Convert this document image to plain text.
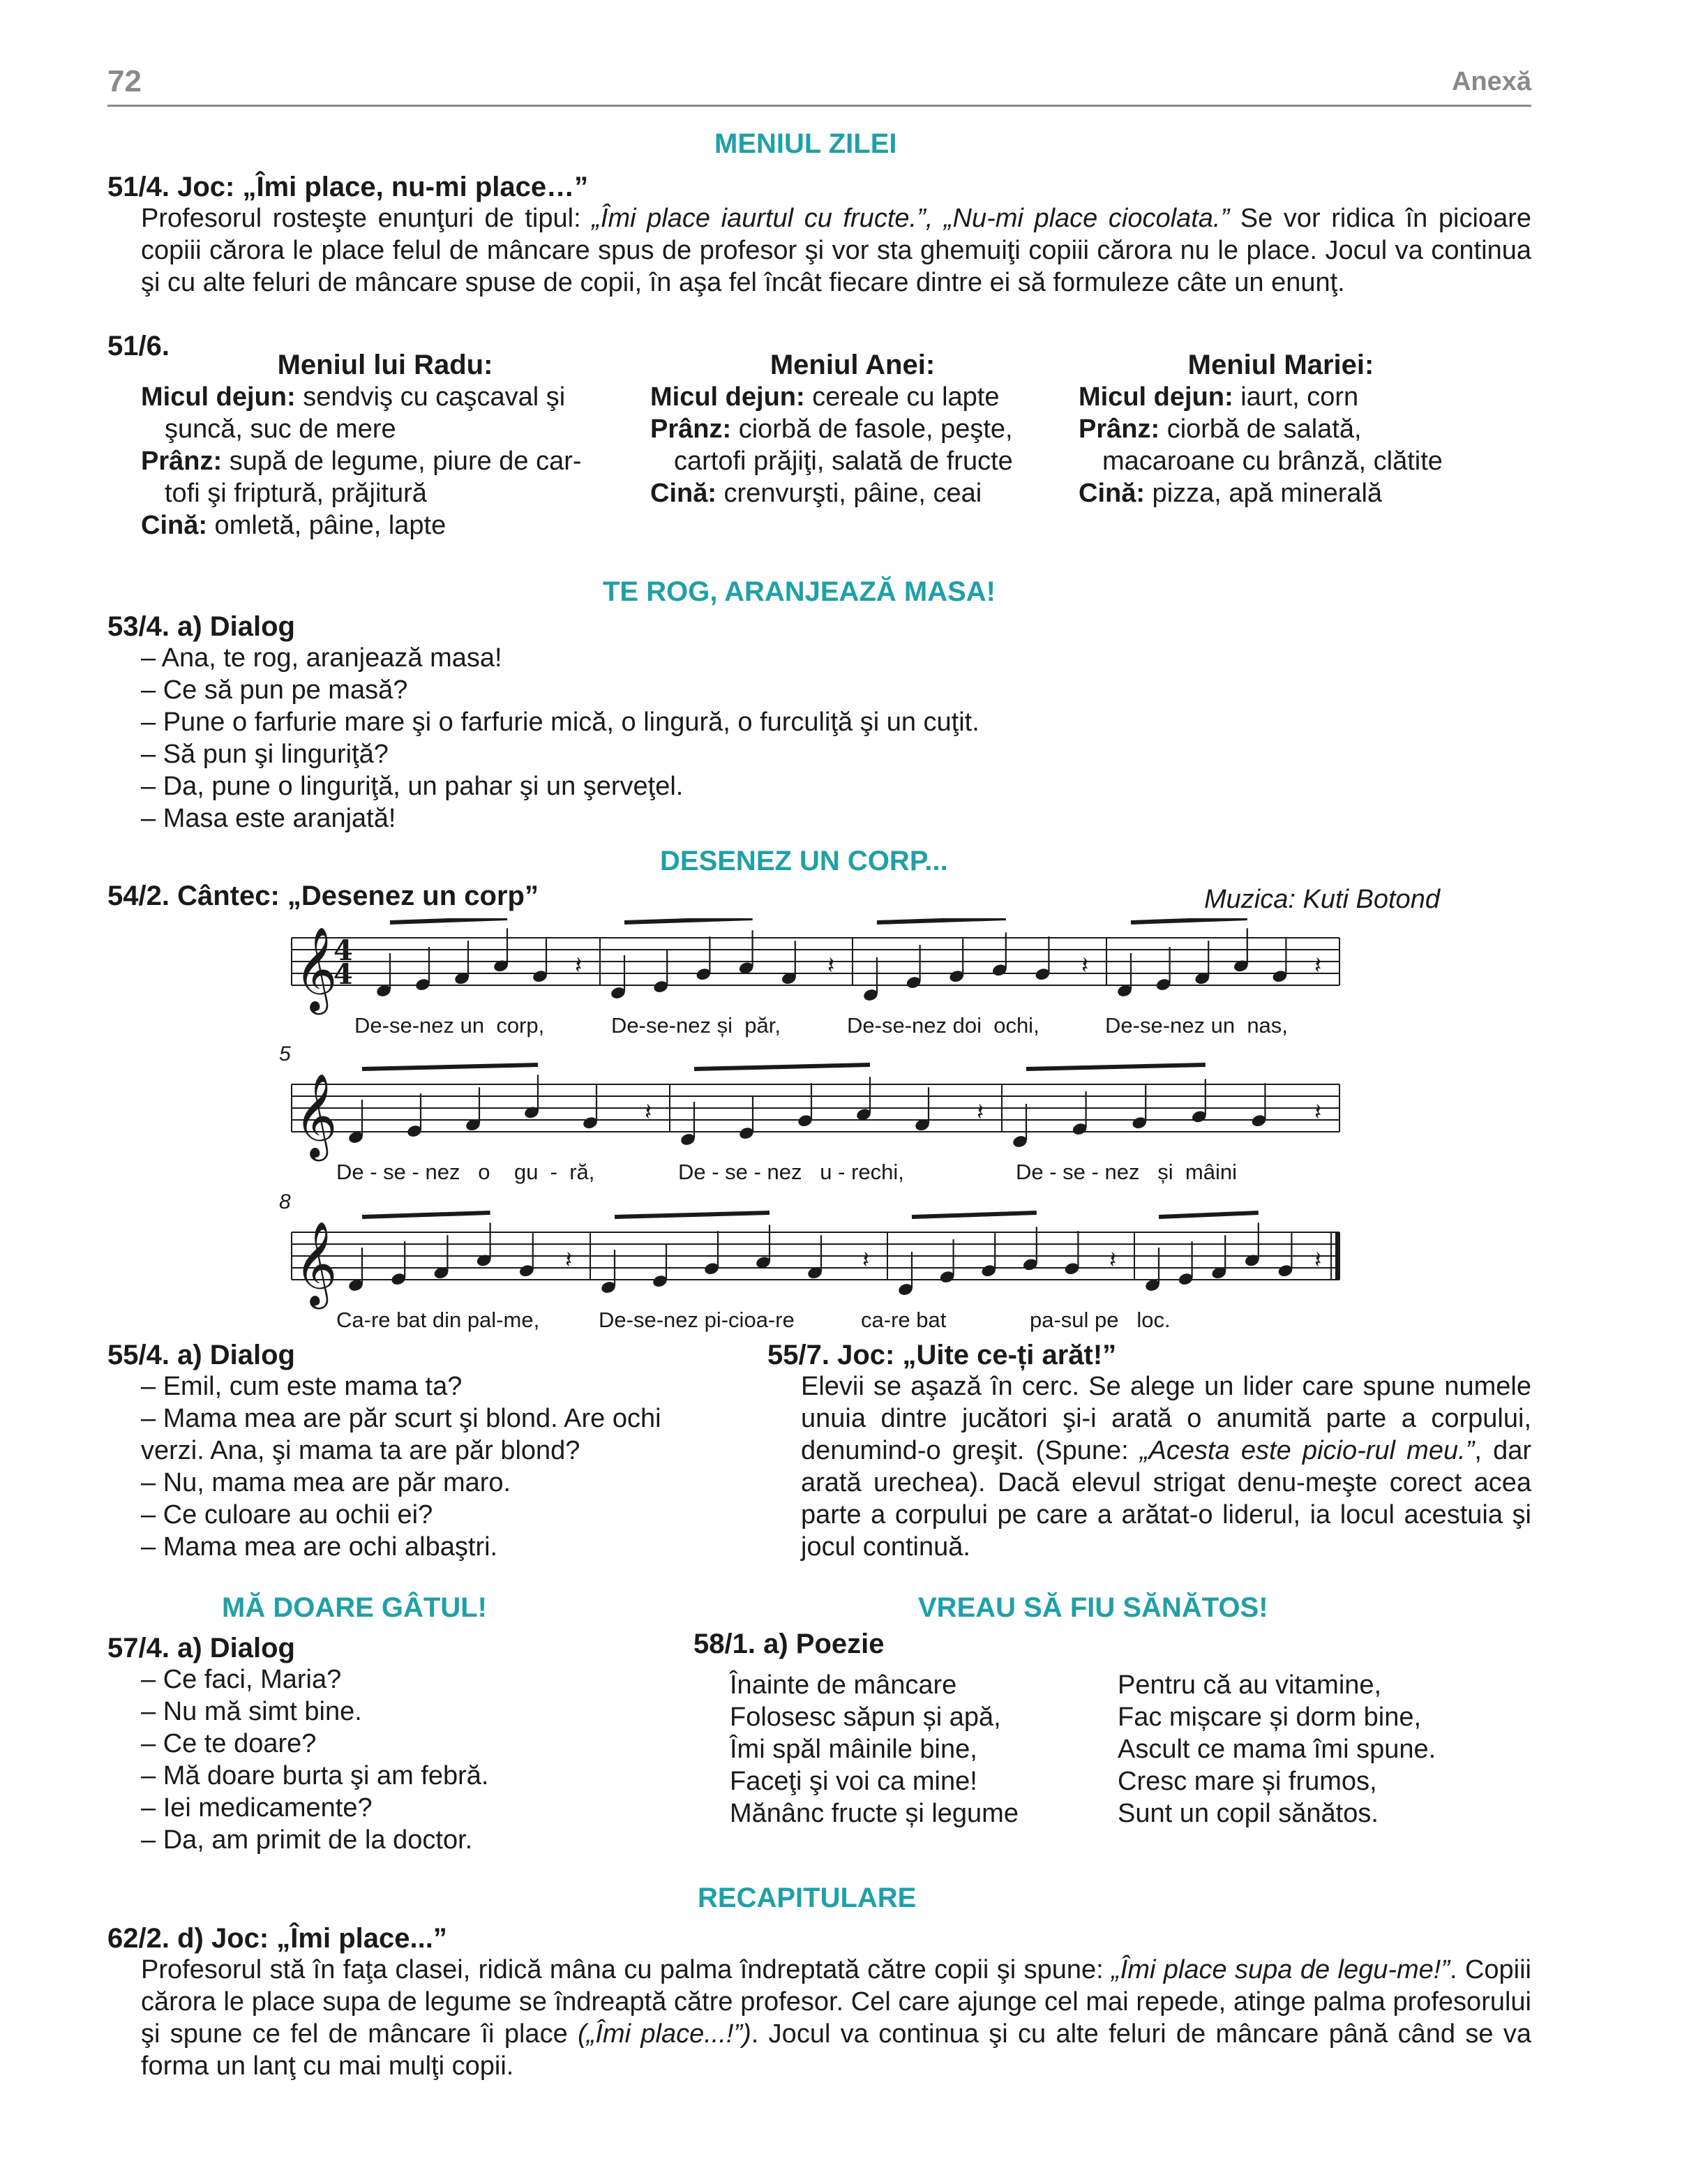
72	Anexă
MENIUL ZILEI
51/4. Joc: „Îmi place, nu-mi place…”
Profesorul rosteşte enunţuri de tipul: „Îmi place iaurtul cu fructe.”, „Nu-mi place ciocolata.” Se vor ridica în picioare copiii cărora le place felul de mâncare spus de profesor şi vor sta ghemuiţi copiii cărora nu le place. Jocul va continua şi cu alte feluri de mâncare spuse de copii, în aşa fel încât fiecare dintre ei să formuleze câte un enunţ.
51/6.
Meniul lui Radu:
Micul dejun: sendviş cu caşcaval şi
şuncă, suc de mere
Prânz: supă de legume, piure de car-
tofi şi friptură, prăjitură
Cină: omletă, pâine, lapte
Meniul Anei:
Micul dejun: cereale cu lapte
Prânz: ciorbă de fasole, peşte,
cartofi prăjiţi, salată de fructe
Cină: crenvurşti, pâine, ceai
Meniul Mariei:
Micul dejun: iaurt, corn
Prânz: ciorbă de salată,
macaroane cu brânză, clătite
Cină: pizza, apă minerală
TE ROG, ARANJEAZĂ MASA!
53/4. a) Dialog
– Ana, te rog, aranjează masa!
– Ce să pun pe masă?
– Pune o farfurie mare şi o farfurie mică, o lingură, o furculiţă şi un cuţit.
– Să pun şi linguriţă?
– Da, pune o linguriţă, un pahar şi un şerveţel.
– Masa este aranjată!
DESENEZ UN CORP...
54/2. Cântec: „Desenez un corp”	Muzica: Kuti Botond
𝄞
4
4	𝄽	𝄽	𝄽	𝄽
De-se-nez un  corp,	De-se-nez și  păr,	De-se-nez doi  ochi,	De-se-nez un  nas,
𝄞
5
𝄽	𝄽	𝄽
De - se - nez   o    gu  -  ră,	De - se - nez   u - rechi,	De - se - nez   și  mâini
𝄞
8
𝄽	𝄽	𝄽	𝄽
Ca-re bat din pal-me,	De-se-nez pi-cioa-re	ca-re bat	pa-sul pe   loc.
55/4. a) Dialog
– Emil, cum este mama ta?
– Mama mea are păr scurt şi blond. Are ochi
verzi. Ana, şi mama ta are păr blond?
– Nu, mama mea are păr maro.
– Ce culoare au ochii ei?
– Mama mea are ochi albaştri.
55/7. Joc: „Uite ce-ți arăt!”
Elevii se aşază în cerc. Se alege un lider care spune numele unuia dintre jucători şi-i arată o anumită parte a corpului, denumind-o greşit. (Spune: „Acesta este picio-rul meu.”, dar arată urechea). Dacă elevul strigat denu-meşte corect acea parte a corpului pe care a arătat-o liderul, ia locul acestuia şi jocul continuă.
MĂ DOARE GÂTUL!
57/4. a) Dialog
– Ce faci, Maria?
– Nu mă simt bine.
– Ce te doare?
– Mă doare burta şi am febră.
– Iei medicamente?
– Da, am primit de la doctor.
VREAU SĂ FIU SĂNĂTOS!
58/1. a) Poezie
Înainte de mâncare
Folosesc săpun și apă,
Îmi spăl mâinile bine,
Faceţi şi voi ca mine!
Mănânc fructe și legume
Pentru că au vitamine,
Fac mișcare și dorm bine,
Ascult ce mama îmi spune.
Cresc mare și frumos,
Sunt un copil sănătos.
RECAPITULARE
62/2. d) Joc: „Îmi place...”
Profesorul stă în faţa clasei, ridică mâna cu palma îndreptată către copii şi spune: „Îmi place supa de legu-me!”. Copiii cărora le place supa de legume se îndreaptă către profesor. Cel care ajunge cel mai repede, atinge palma profesorului şi spune ce fel de mâncare îi place („Îmi place...!”). Jocul va continua şi cu alte feluri de mâncare până când se va forma un lanţ cu mai mulţi copii.
